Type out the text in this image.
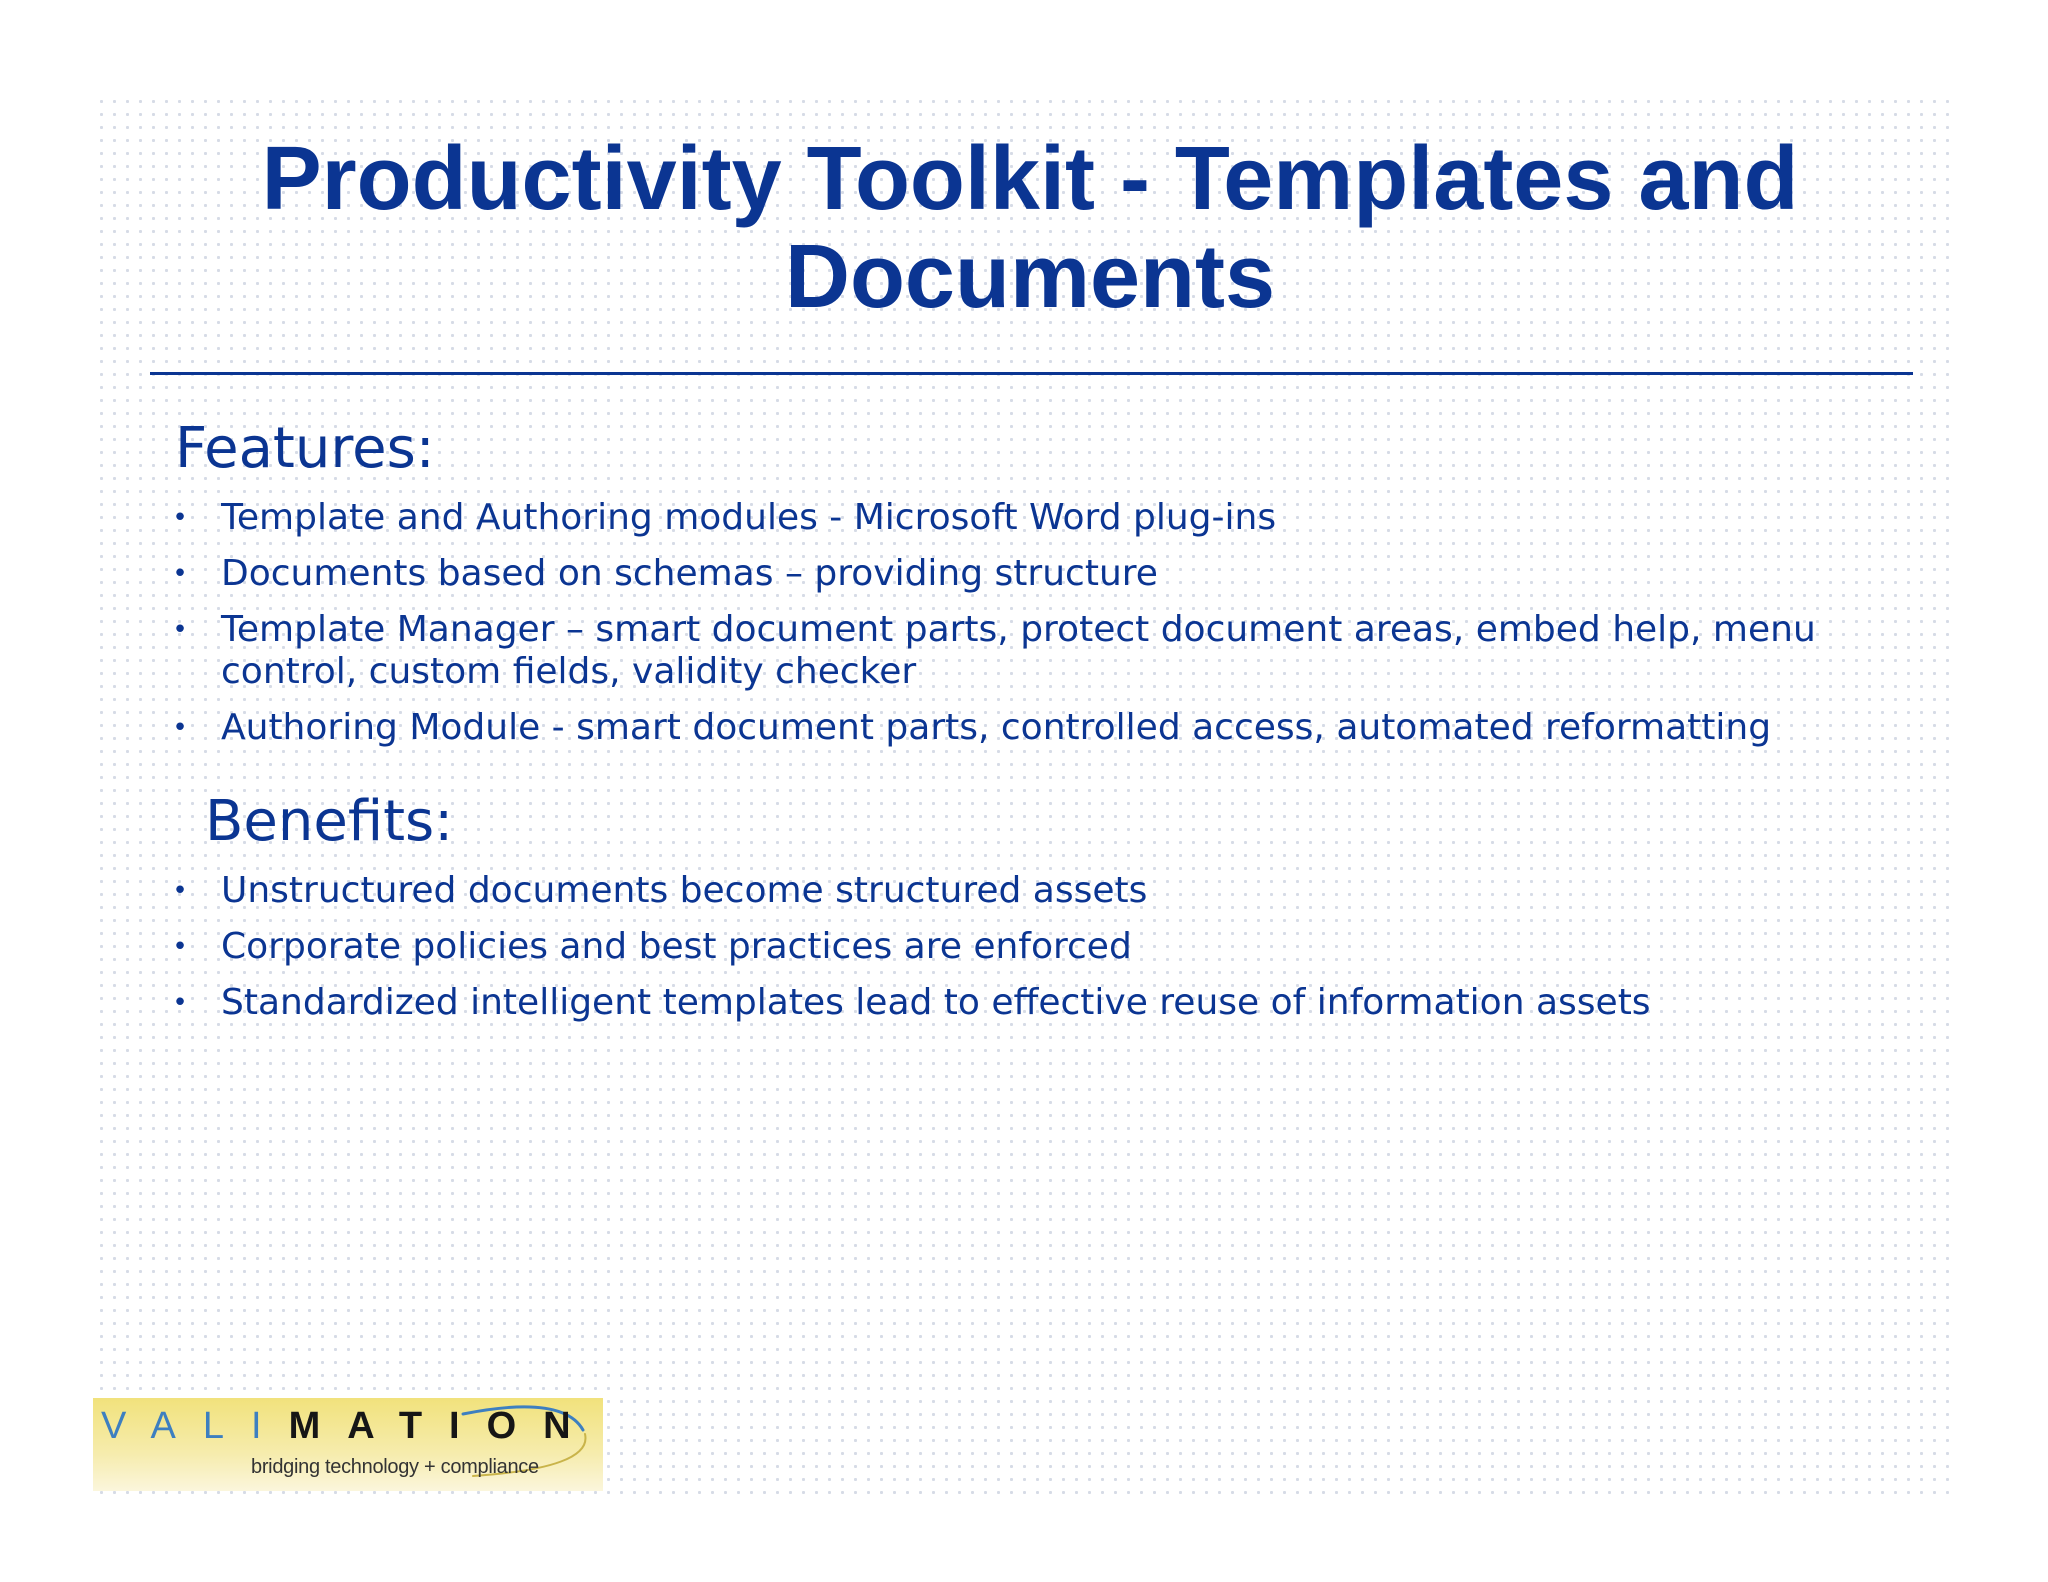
Productivity Toolkit - Templates and Documents
Features:
• Template and Authoring modules - Microsoft Word plug-ins
• Documents based on schemas – providing structure
• Template Manager – smart document parts, protect document areas, embed help, menu control, custom fields, validity checker
• Authoring Module - smart document parts, controlled access, automated reformatting
Benefits:
• Unstructured documents become structured assets
• Corporate policies and best practices are enforced
• Standardized intelligent templates lead to effective reuse of information assets
VALIMATION
bridging technology + compliance
